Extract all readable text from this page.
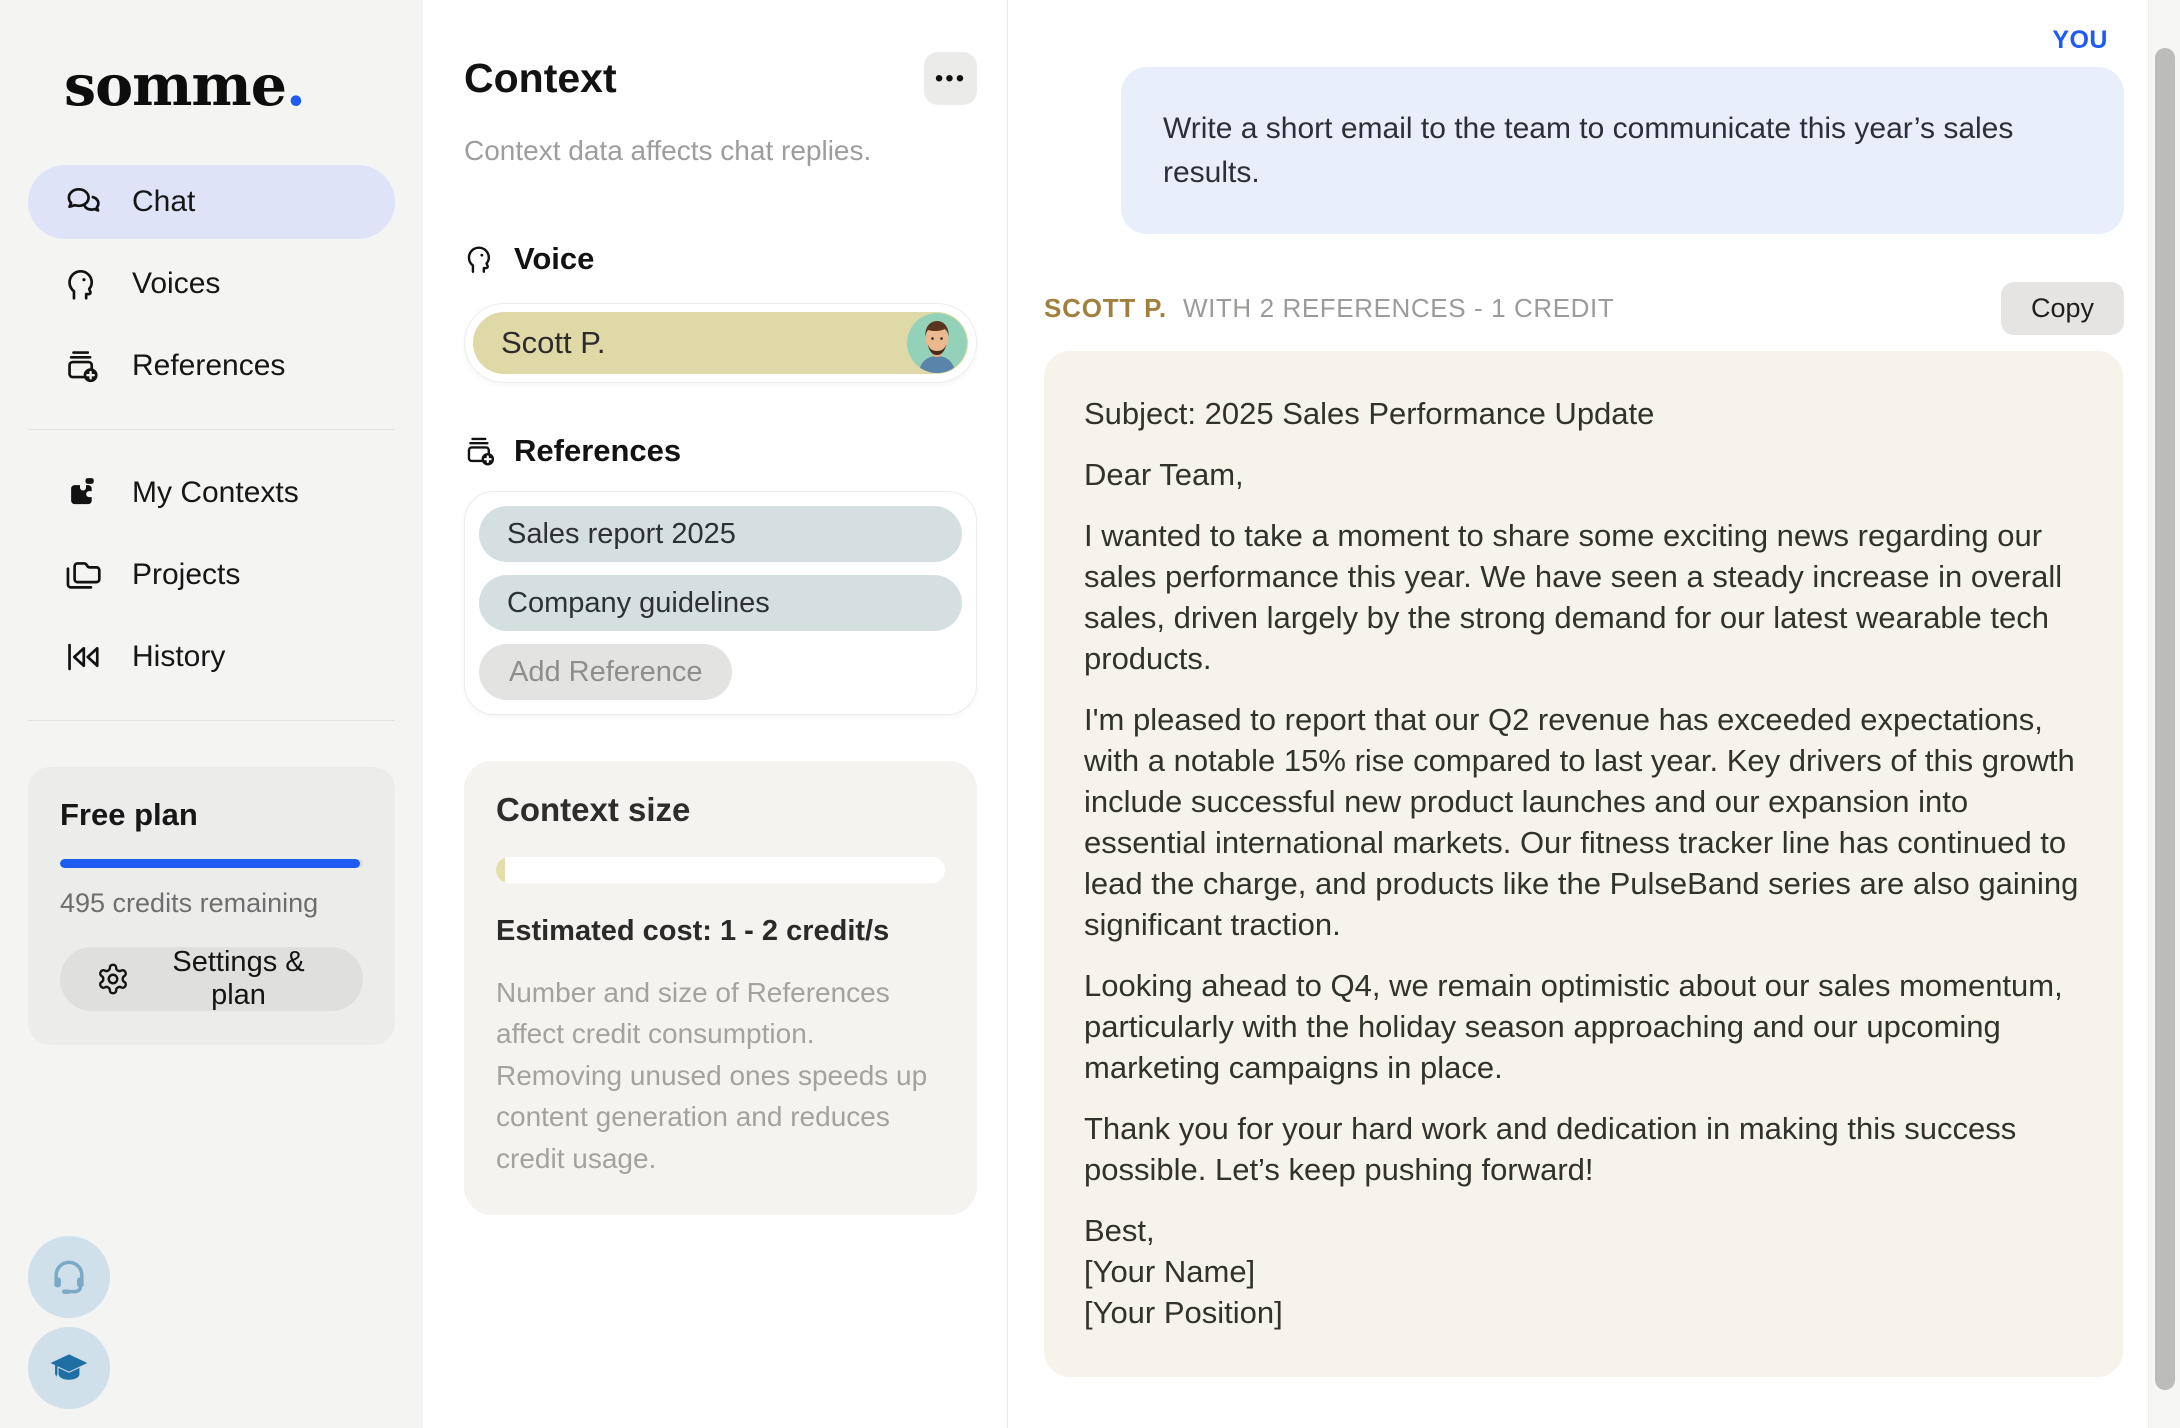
somme.
Chat
Voices
References
My Contexts
Projects
History
Free plan
495 credits remaining
Settings & plan
Context	•••
Context data affects chat replies.
Voice
Scott P.
References
Sales report 2025
Company guidelines
Add Reference
Context size
Estimated cost: 1 - 2 credit/s
Number and size of References affect credit consumption. Removing unused ones speeds up content generation and reduces credit usage.
YOU
Write a short email to the team to communicate this year’s sales results.
SCOTT P. WITH 2 REFERENCES - 1 CREDIT	Copy

Subject: 2025 Sales Performance Update

Dear Team,

I wanted to take a moment to share some exciting news regarding our sales performance this year. We have seen a steady increase in overall sales, driven largely by the strong demand for our latest wearable tech products.

I'm pleased to report that our Q2 revenue has exceeded expectations, with a notable 15% rise compared to last year. Key drivers of this growth include successful new product launches and our expansion into essential international markets. Our fitness tracker line has continued to lead the charge, and products like the PulseBand series are also gaining significant traction.

Looking ahead to Q4, we remain optimistic about our sales momentum, particularly with the holiday season approaching and our upcoming marketing campaigns in place.

Thank you for your hard work and dedication in making this success possible. Let’s keep pushing forward!

Best,
[Your Name]
[Your Position]
